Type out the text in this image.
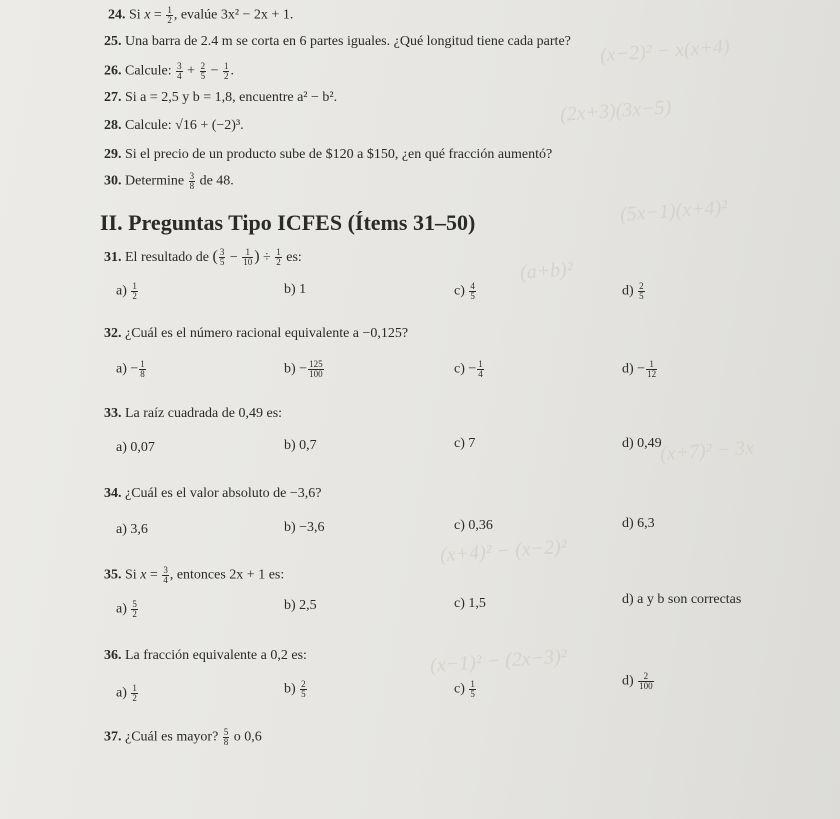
(x−2)² − x(x+4)
(2x+3)(3x−5)
(5x−1)(x+4)²
(a+b)²
(x+7)² − 3x
(x+4)² − (x−2)²
(x−1)² − (2x−3)²
24. Si $x = \frac{1}{2}$ , evalúe 3x² − 2x + 1.
25. Una barra de 2.4 m se corta en 6 partes iguales. ¿Qué longitud tiene cada parte?
26. Calcule: $\frac{3}{4} + \frac{2}{5} - \frac{1}{2}$ .
27. Si a = 2,5 y b = 1,8, encuentre a² − b².
28. Calcule: √16 + (−2)³.
29. Si el precio de un producto sube de $120 a $150, ¿en qué fracción aumentó?
30. Determine $\frac{3}{8}$ de 48.
II. Preguntas Tipo ICFES (Ítems 31–50)
31. El resultado de ( $\frac{3}{5} - \frac{1}{10}$ ) ÷ $\frac{1}{2}$ es:
$a) \frac{1}{2}$	b) 1	$c) \frac{4}{5}$	$d) \frac{2}{5}$
32. ¿Cuál es el número racional equivalente a −0,125?
$a) - \frac{1}{8}$	$b) - \frac{125}{100}$	$c) - \frac{1}{4}$	$d) - \frac{1}{12}$
33. La raíz cuadrada de 0,49 es:
a) 0,07	b) 0,7	c) 7	d) 0,49
34. ¿Cuál es el valor absoluto de −3,6?
a) 3,6	b) −3,6	c) 0,36	d) 6,3
35. Si $x = \frac{3}{4}$ , entonces 2x + 1 es:
$a) \frac{5}{2}$	b) 2,5	c) 1,5	d) a y b son correctas
36. La fracción equivalente a 0,2 es:
$a) \frac{1}{2}$	$b) \frac{2}{5}$	$c) \frac{1}{5}$	$d) \frac{2}{100}$
37. ¿Cuál es mayor? $\frac{5}{8}$ o 0,6
